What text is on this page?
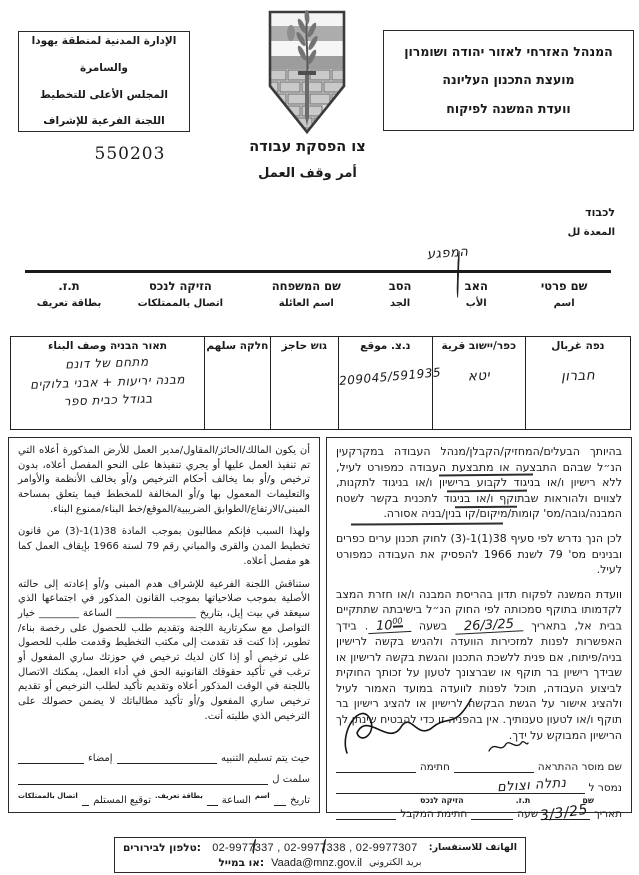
המנהל האזרחי לאזור יהודה ושומרון
מועצת התכנון העליונה
וועדת המשנה לפיקוח
الإدارة المدنية لمنطقة يهودا والسامرة
المجلس الأعلى للتخطيط
اللجنة الفرعية للإشراف
550203	צו הפסקת עבודה
أمر وقف العمل
לכבוד
المعدة لل
המפגע
שם פרטי
اسم
האב
الأب
הסב
الجد
שם המשפחה
اسم العائلة
הזיקה לנכס
اتصال بالممتلكات
ת.ז.
بطاقة تعريف
נפה غربال
חברון
כפר/יישוב قرية
יטא
נ.צ. موقع
209045/591935
גוש حاجز
חלקה سلهم
תאור הבניה وصف البناء
מתחם של דונם
מבנה יריעות + אבני בלוקים
בגודל כבית ספר

בהיותך הבעלים/המחזיק/הקבלן/מנהל העבודה במקרקעין הנ״ל שבהם התבצעה או מתבצעת העבודה כמפורט לעיל, ללא רישיון ו/או בניגוד לקבוע ברישיון ו/או בניגוד לתקנות, לצווים ולהוראות שבתוקף ו/או בניגוד לתכנית בקשר לשטח המבנה/גובה/מס' קומות/מיקום/קו בנין/בניה אסורה.

לכן הנך נדרש לפי סעיף 38(1)1-(3) לחוק תכנון ערים כפרים ובנינים מס' 79 לשנת 1966 להפסיק את העבודה כמפורט לעיל.

וועדת המשנה לפקוח תדון בהריסת המבנה ו/או חזרת המצב לקדמותו בתוקף סמכותה לפי החוק הנ״ל בישיבתה שתתקיים בבית אל, בתאריך 26/3/25 בשעה $10^{00}$. בידך האפשרות לפנות למזכירות הוועדה ולהגיש בקשה לרישיון בניה/פיתוח, אם פנית ללשכת התכנון והגשת בקשה לרישיון או שבידך רישיון בר תוקף או שברצונך לטעון על זכותך החוקית לביצוע העבודה, תוכל לפנות לוועדה במועד האמור לעיל ולהציג אישור על הגשת הבקשה לרישיון או להציג רישיון בר תוקף ו/או לטעון טענותיך. אין בהפניה זו כדי להבטיח שינתן לך הרישיון המבוקש על ידך.

שם מוסר ההתראה
חתימה
נמסר ל
נתלה וצולם
שם
ת.ז.
הזיקה לנכס
תאריך
3/3/25
שעה
חתימת המקבל

أن يكون المالك/الحائز/المقاول/مدير العمل للأرض المذكورة أعلاه التي تم تنفيذ العمل عليها أو يجري تنفيذها على النحو المفصل أعلاه، بدون ترخيص و/أو بما يخالف أحكام الترخيص و/أو يخالف الأنظمة والأوامر والتعليمات المعمول بها و/أو المخالفة للمخطط فيما يتعلق بمساحة المبنى/الارتفاع/الطوابق الضريبية/الموقع/خط البناء/ممنوع البناء.

ولهذا السبب فإنكم مطالبون بموجب المادة 38(1)1-(3) من قانون تخطيط المدن والقرى والمباني رقم 79 لسنة 1966 بإيقاف العمل كما هو مفصل أعلاه.

ستناقش اللجنة الفرعية للإشراف هدم المبنى و/أو إعادته إلى حالته الأصلية بموجب صلاحياتها بموجب القانون المذكور في اجتماعها الذي سيعقد في بيت إيل، بتاريخ ________________ الساعة ________ خيار التواصل مع سكرتارية اللجنة وتقديم طلب للحصول على رخصة بناء/ تطوير، إذا كنت قد تقدمت إلى مكتب التخطيط وقدمت طلب للحصول على ترخيص أو إذا كان لديك ترخيص في حوزتك ساري المفعول أو ترغب في تأكيد حقوقك القانونية الحق في أداء العمل، يمكنك الاتصال باللجنة في الوقت المذكور أعلاه وتقديم تأكيد لطلب الترخيص أو تقديم ترخيص ساري المفعول و/أو تأكيد مطالباتك لا يضمن حصولك على الترخيص الذي طلبته أنت.

حيث يتم تسليم التنبيه
إمضاء
سلمت ل
تاريخ
اسم
الساعة
بطاقة تعريف.
توقيع المستلم
اتصال بالممتلكات
טלפון לבירורים: 02-9977337 , 02-9977338 , 02-9977307 الهاتف للاستفسار:
או במייל: Vaada@mnz.gov.il بريد الكتروني
